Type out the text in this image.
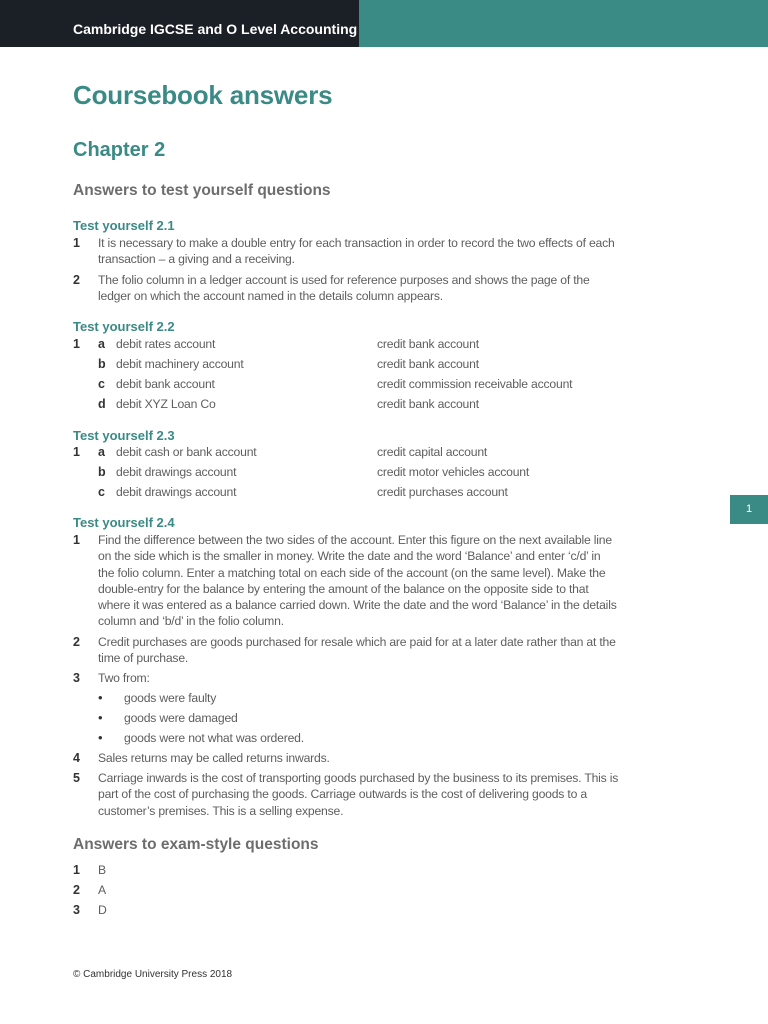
Cambridge IGCSE and O Level Accounting
Coursebook answers
Chapter 2
Answers to test yourself questions
Test yourself 2.1
1 It is necessary to make a double entry for each transaction in order to record the two effects of each transaction – a giving and a receiving.
2 The folio column in a ledger account is used for reference purposes and shows the page of the ledger on which the account named in the details column appears.
Test yourself 2.2
1 a debit rates account	credit bank account
b debit machinery account	credit bank account
c debit bank account	credit commission receivable account
d debit XYZ Loan Co	credit bank account
Test yourself 2.3
1 a debit cash or bank account	credit capital account
b debit drawings account	credit motor vehicles account
c debit drawings account	credit purchases account
Test yourself 2.4
1 Find the difference between the two sides of the account. Enter this figure on the next available line on the side which is the smaller in money. Write the date and the word ‘Balance’ and enter ‘c/d’ in the folio column. Enter a matching total on each side of the account (on the same level). Make the double-entry for the balance by entering the amount of the balance on the opposite side to that where it was entered as a balance carried down. Write the date and the word ‘Balance’ in the details column and ‘b/d’ in the folio column.
2 Credit purchases are goods purchased for resale which are paid for at a later date rather than at the time of purchase.
3 Two from:
• goods were faulty
• goods were damaged
• goods were not what was ordered.
4 Sales returns may be called returns inwards.
5 Carriage inwards is the cost of transporting goods purchased by the business to its premises. This is part of the cost of purchasing the goods. Carriage outwards is the cost of delivering goods to a customer’s premises. This is a selling expense.
Answers to exam-style questions
1 B
2 A
3 D
1
© Cambridge University Press 2018
